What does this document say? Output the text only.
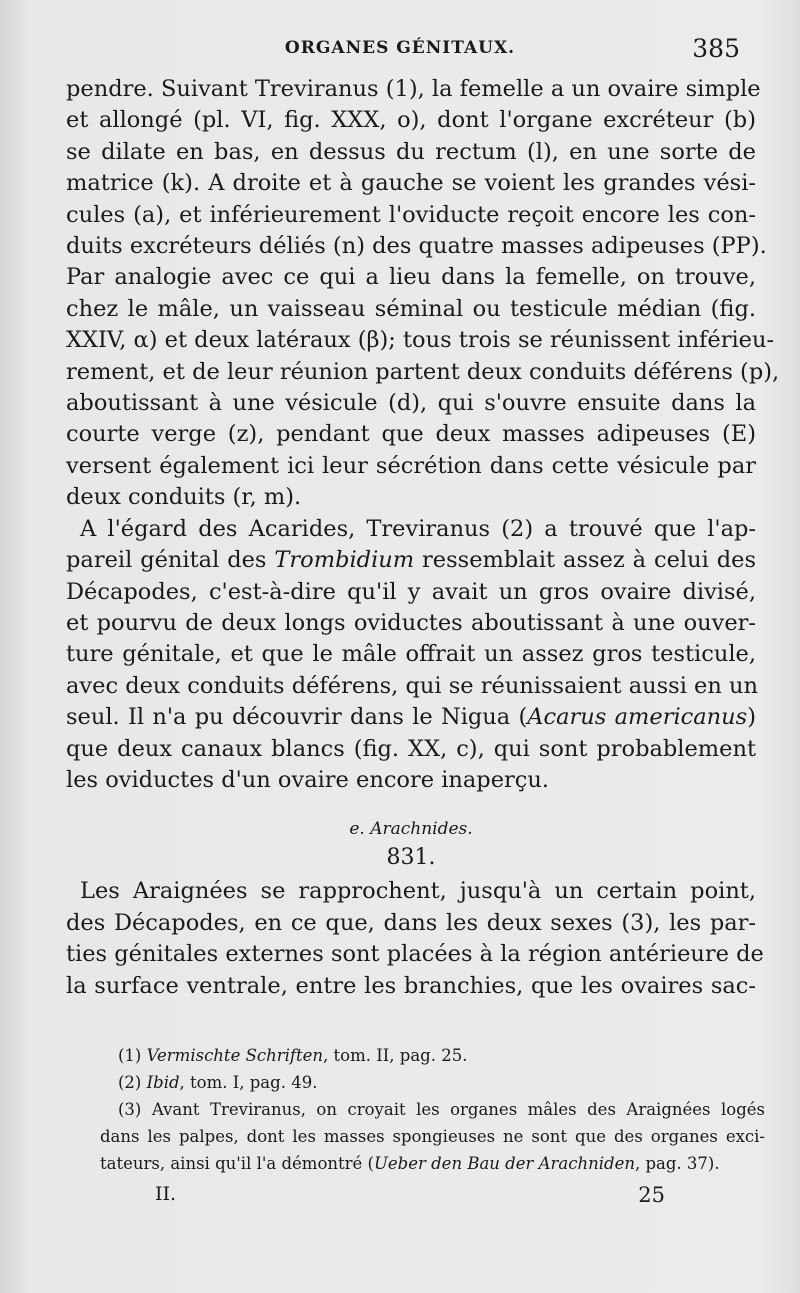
ORGANES GÉNITAUX.	385
pendre. Suivant Treviranus (1), la femelle a un ovaire simple
et allongé (pl. VI, fig. XXX, o), dont l'organe excréteur (b)
se dilate en bas, en dessus du rectum (l), en une sorte de
matrice (k). A droite et à gauche se voient les grandes vési-
cules (a), et inférieurement l'oviducte reçoit encore les con-
duits excréteurs déliés (n) des quatre masses adipeuses (PP).
Par analogie avec ce qui a lieu dans la femelle, on trouve,
chez le mâle, un vaisseau séminal ou testicule médian (fig.
XXIV, α) et deux latéraux (β); tous trois se réunissent inférieu-
rement, et de leur réunion partent deux conduits déférens (p),
aboutissant à une vésicule (d), qui s'ouvre ensuite dans la
courte verge (z), pendant que deux masses adipeuses (E)
versent également ici leur sécrétion dans cette vésicule par
deux conduits (r, m).
A l'égard des Acarides, Treviranus (2) a trouvé que l'ap-
pareil génital des Trombidium ressemblait assez à celui des
Décapodes, c'est-à-dire qu'il y avait un gros ovaire divisé,
et pourvu de deux longs oviductes aboutissant à une ouver-
ture génitale, et que le mâle offrait un assez gros testicule,
avec deux conduits déférens, qui se réunissaient aussi en un
seul. Il n'a pu découvrir dans le Nigua (Acarus americanus)
que deux canaux blancs (fig. XX, c), qui sont probablement
les oviductes d'un ovaire encore inaperçu.
e. Arachnides.
831.
Les Araignées se rapprochent, jusqu'à un certain point,
des Décapodes, en ce que, dans les deux sexes (3), les par-
ties génitales externes sont placées à la région antérieure de
la surface ventrale, entre les branchies, que les ovaires sac-
(1) Vermischte Schriften, tom. II, pag. 25.
(2) Ibid, tom. I, pag. 49.
(3) Avant Treviranus, on croyait les organes mâles des Araignées logés
dans les palpes, dont les masses spongieuses ne sont que des organes exci-
tateurs, ainsi qu'il l'a démontré (Ueber den Bau der Arachniden, pag. 37).
II.	25
